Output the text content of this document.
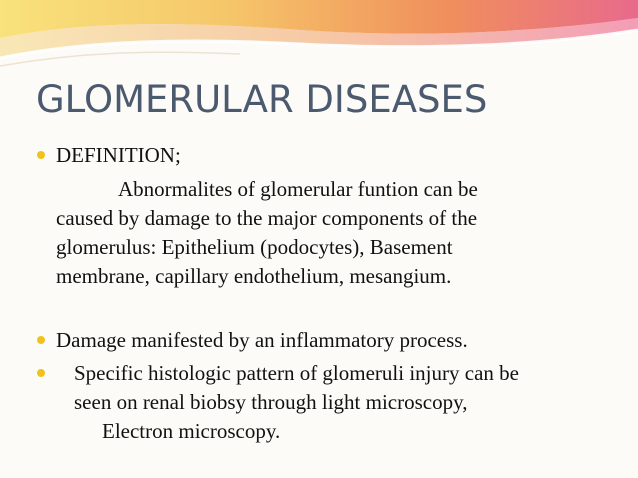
GLOMERULAR DISEASES
DEFINITION;
Abnormalites of glomerular funtion can be
caused by damage to the major components of the
glomerulus: Epithelium (podocytes), Basement
membrane, capillary endothelium, mesangium.
Damage manifested by an inflammatory process.
Specific histologic pattern of glomeruli injury can be
seen on renal biobsy through light microscopy,
Electron microscopy.
